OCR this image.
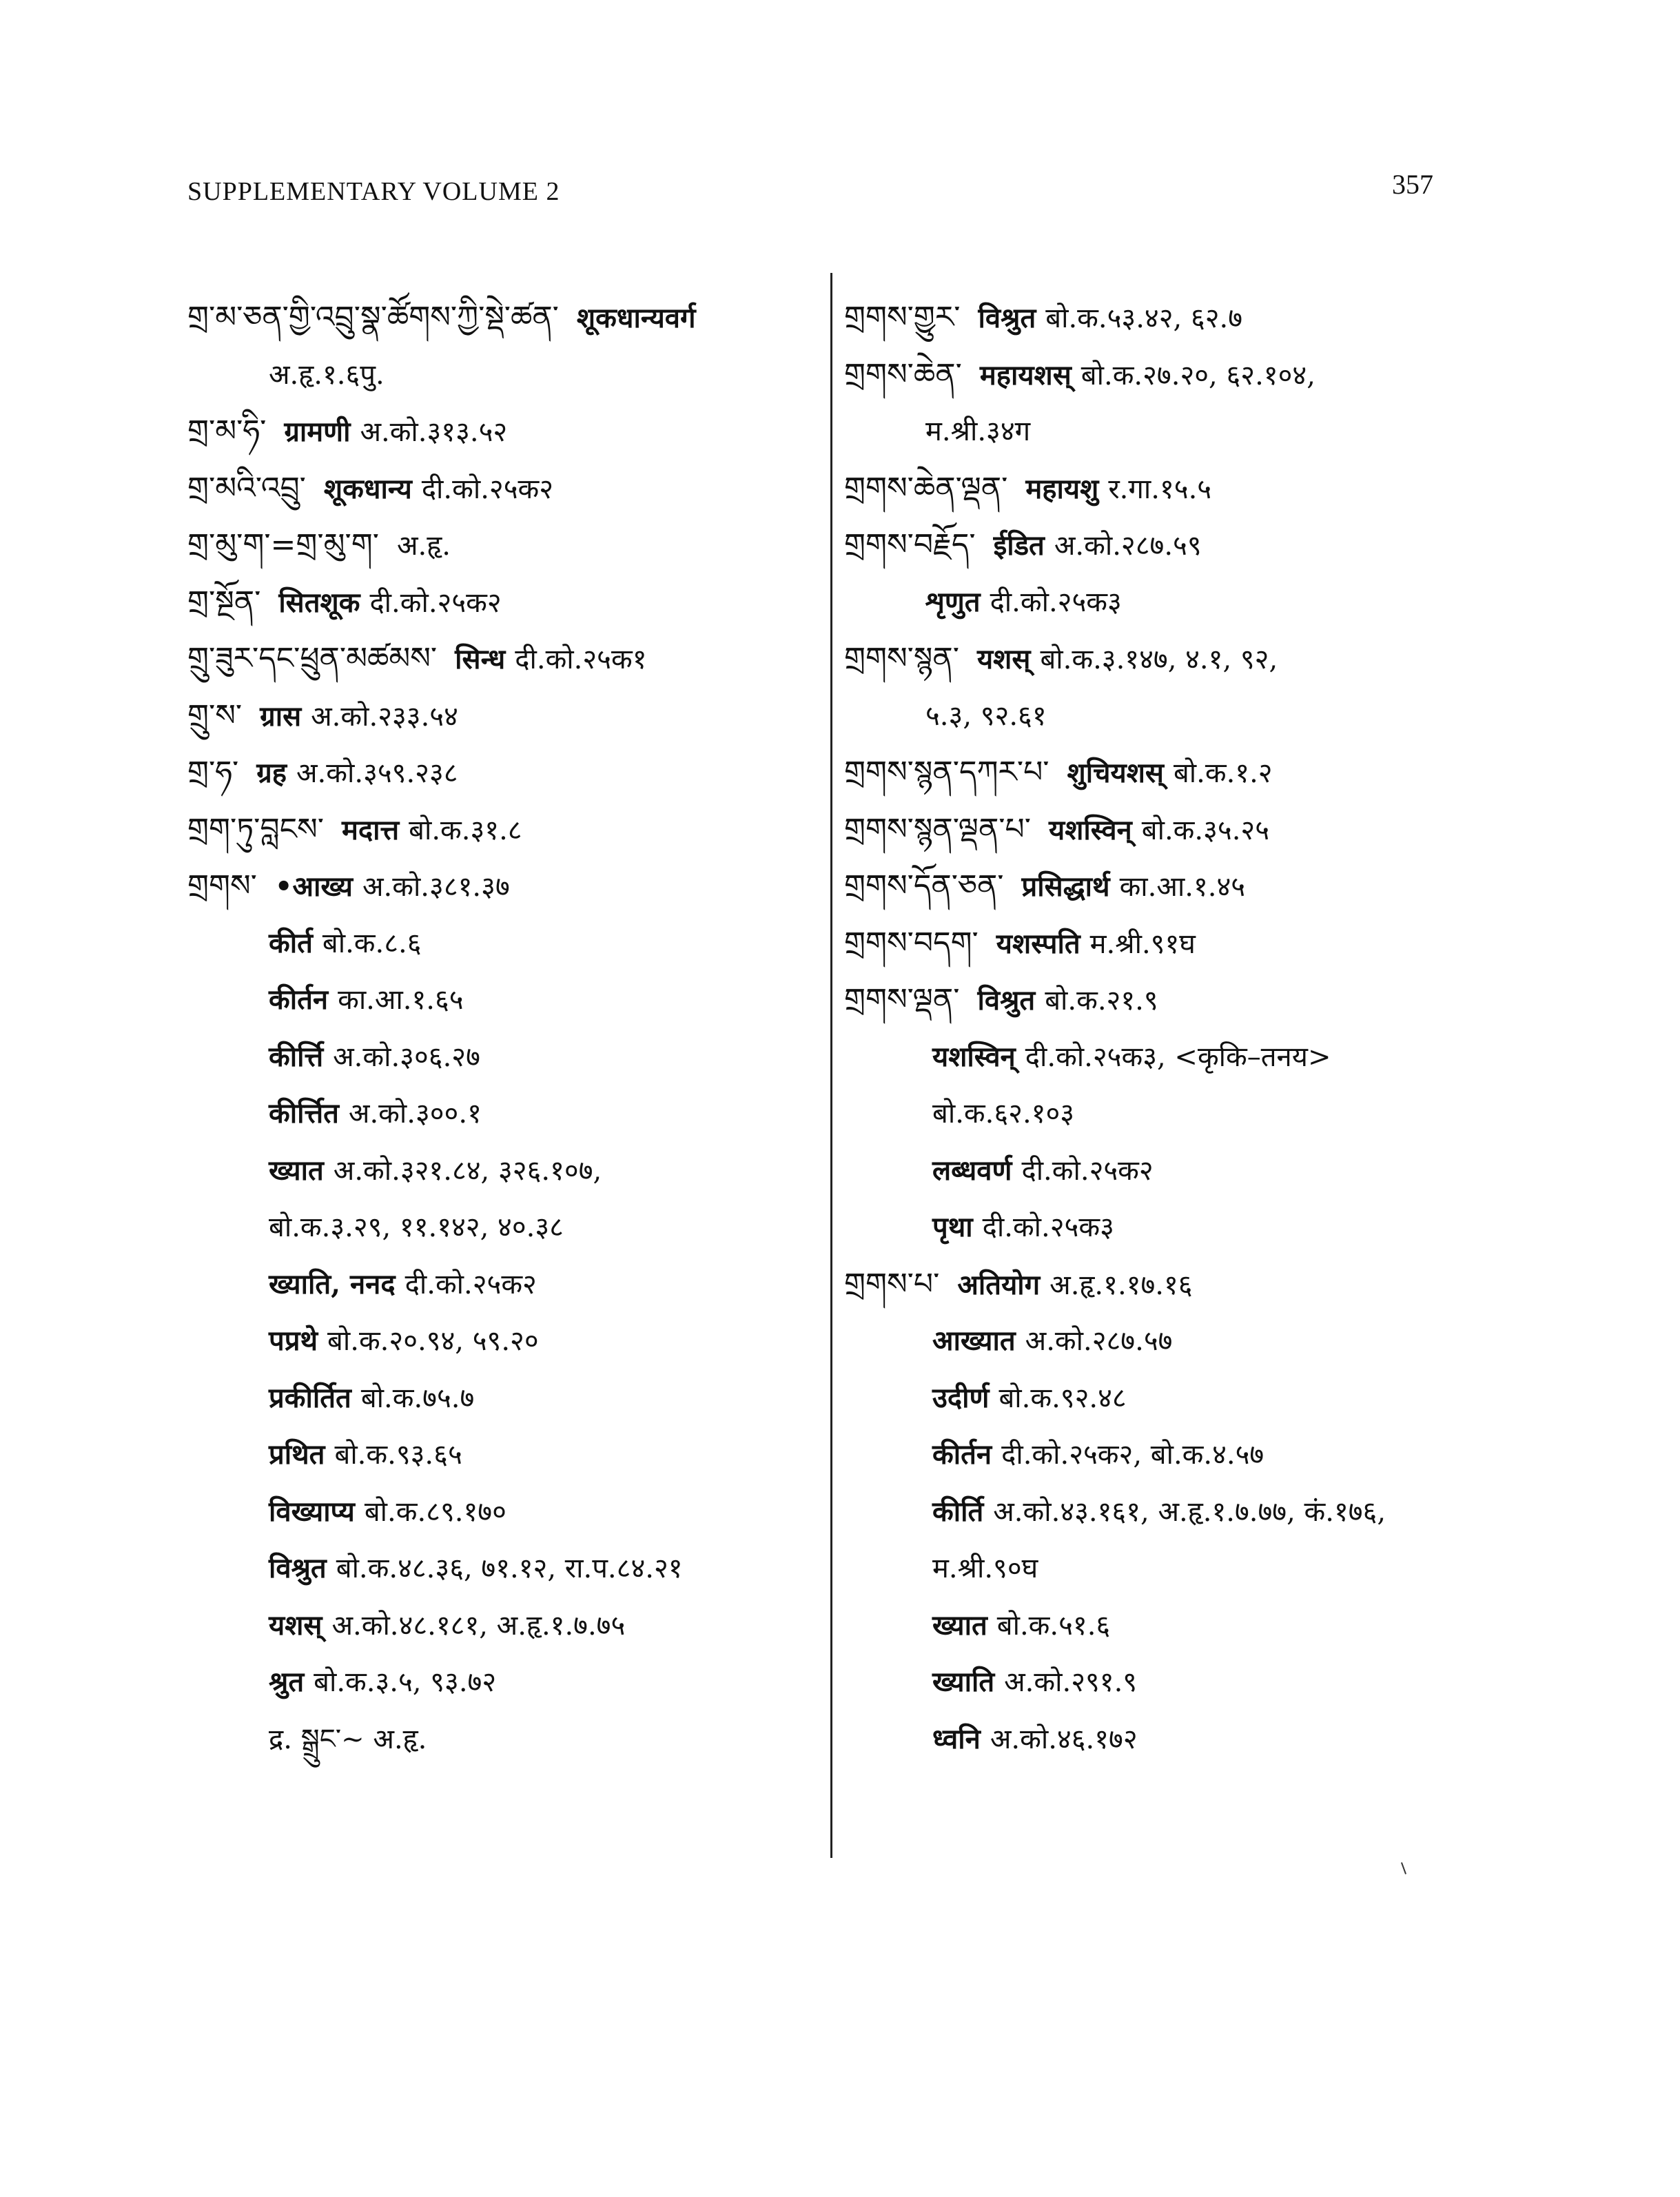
SUPPLEMENTARY VOLUME 2	357
གྲ་མ་ཅན་གྱི་འབྲུ་སྣ་ཚོགས་ཀྱི་སྡེ་ཚན་ शूकधान्यवर्ग
अ.हृ.१.६पु.
གྲ་མ་ཧི་ ग्रामणी अ.को.३१३.५२
གྲ་མའི་འབྲུ་ शूकधान्य दी.को.२५क२
གྲ་མུ་ག་=གྲ་མུ་ག་ अ.हृ.
གྲ་སྔོན་ सितशूक दी.को.२५क२
གྲུ་ཟུར་དང་ཕྲུན་མཚམས་ सिन्ध दी.को.२५क१
གྲུ་ས་ ग्रास अ.को.२३३.५४
གྲ་ཧ་ ग्रह अ.को.३५९.२३८
གྲག་ཏུ་བླངས་ मदात्त बो.क.३१.८
གྲགས་ •आख्य अ.को.३८१.३७
कीर्त बो.क.८.६
कीर्तन का.आ.१.६५
कीर्त्ति अ.को.३०६.२७
कीर्त्तित अ.को.३००.१
ख्यात अ.को.३२१.८४, ३२६.१०७,
बो.क.३.२९, ११.१४२, ४०.३८
ख्याति, ननद दी.को.२५क२
पप्रथे बो.क.२०.९४, ५९.२०
प्रकीर्तित बो.क.७५.७
प्रथित बो.क.९३.६५
विख्याप्य बो.क.८९.१७०
विश्रुत बो.क.४८.३६, ७१.१२, रा.प.८४.२१
यशस् अ.को.४८.१८१, अ.हृ.१.७.७५
श्रुत बो.क.३.५, ९३.७२
द्र. སྒྲུང་~ अ.हृ.
གྲགས་གྱུར་ विश्रुत बो.क.५३.४२, ६२.७
གྲགས་ཆེན་ महायशस् बो.क.२७.२०, ६२.१०४,
म.श्री.३४ग
གྲགས་ཆེན་ལྡན་ महायशु र.गा.१५.५
གྲགས་བརྗོད་ ईडित अ.को.२८७.५९
शृणुत दी.को.२५क३
གྲགས་སྙན་ यशस् बो.क.३.१४७, ४.१, ९२,
५.३, ९२.६१
གྲགས་སྙན་དཀར་པ་ शुचियशस् बो.क.१.२
གྲགས་སྙན་ལྡན་པ་ यशस्विन् बो.क.३५.२५
གྲགས་དོན་ཅན་ प्रसिद्धार्थ का.आ.१.४५
གྲགས་བདག་ यशस्पति म.श्री.९१घ
གྲགས་ལྡན་ विश्रुत बो.क.२१.९
यशस्विन् दी.को.२५क३, <कृकि–तनय>
बो.क.६२.१०३
लब्धवर्ण दी.को.२५क२
पृथा दी.को.२५क३
གྲགས་པ་ अतियोग अ.हृ.१.१७.१६
आख्यात अ.को.२८७.५७
उदीर्ण बो.क.९२.४८
कीर्तन दी.को.२५क२, बो.क.४.५७
कीर्ति अ.को.४३.१६१, अ.हृ.१.७.७७, कं.१७६,
म.श्री.९०घ
ख्यात बो.क.५१.६
ख्याति अ.को.२९१.९
ध्वनि अ.को.४६.१७२
